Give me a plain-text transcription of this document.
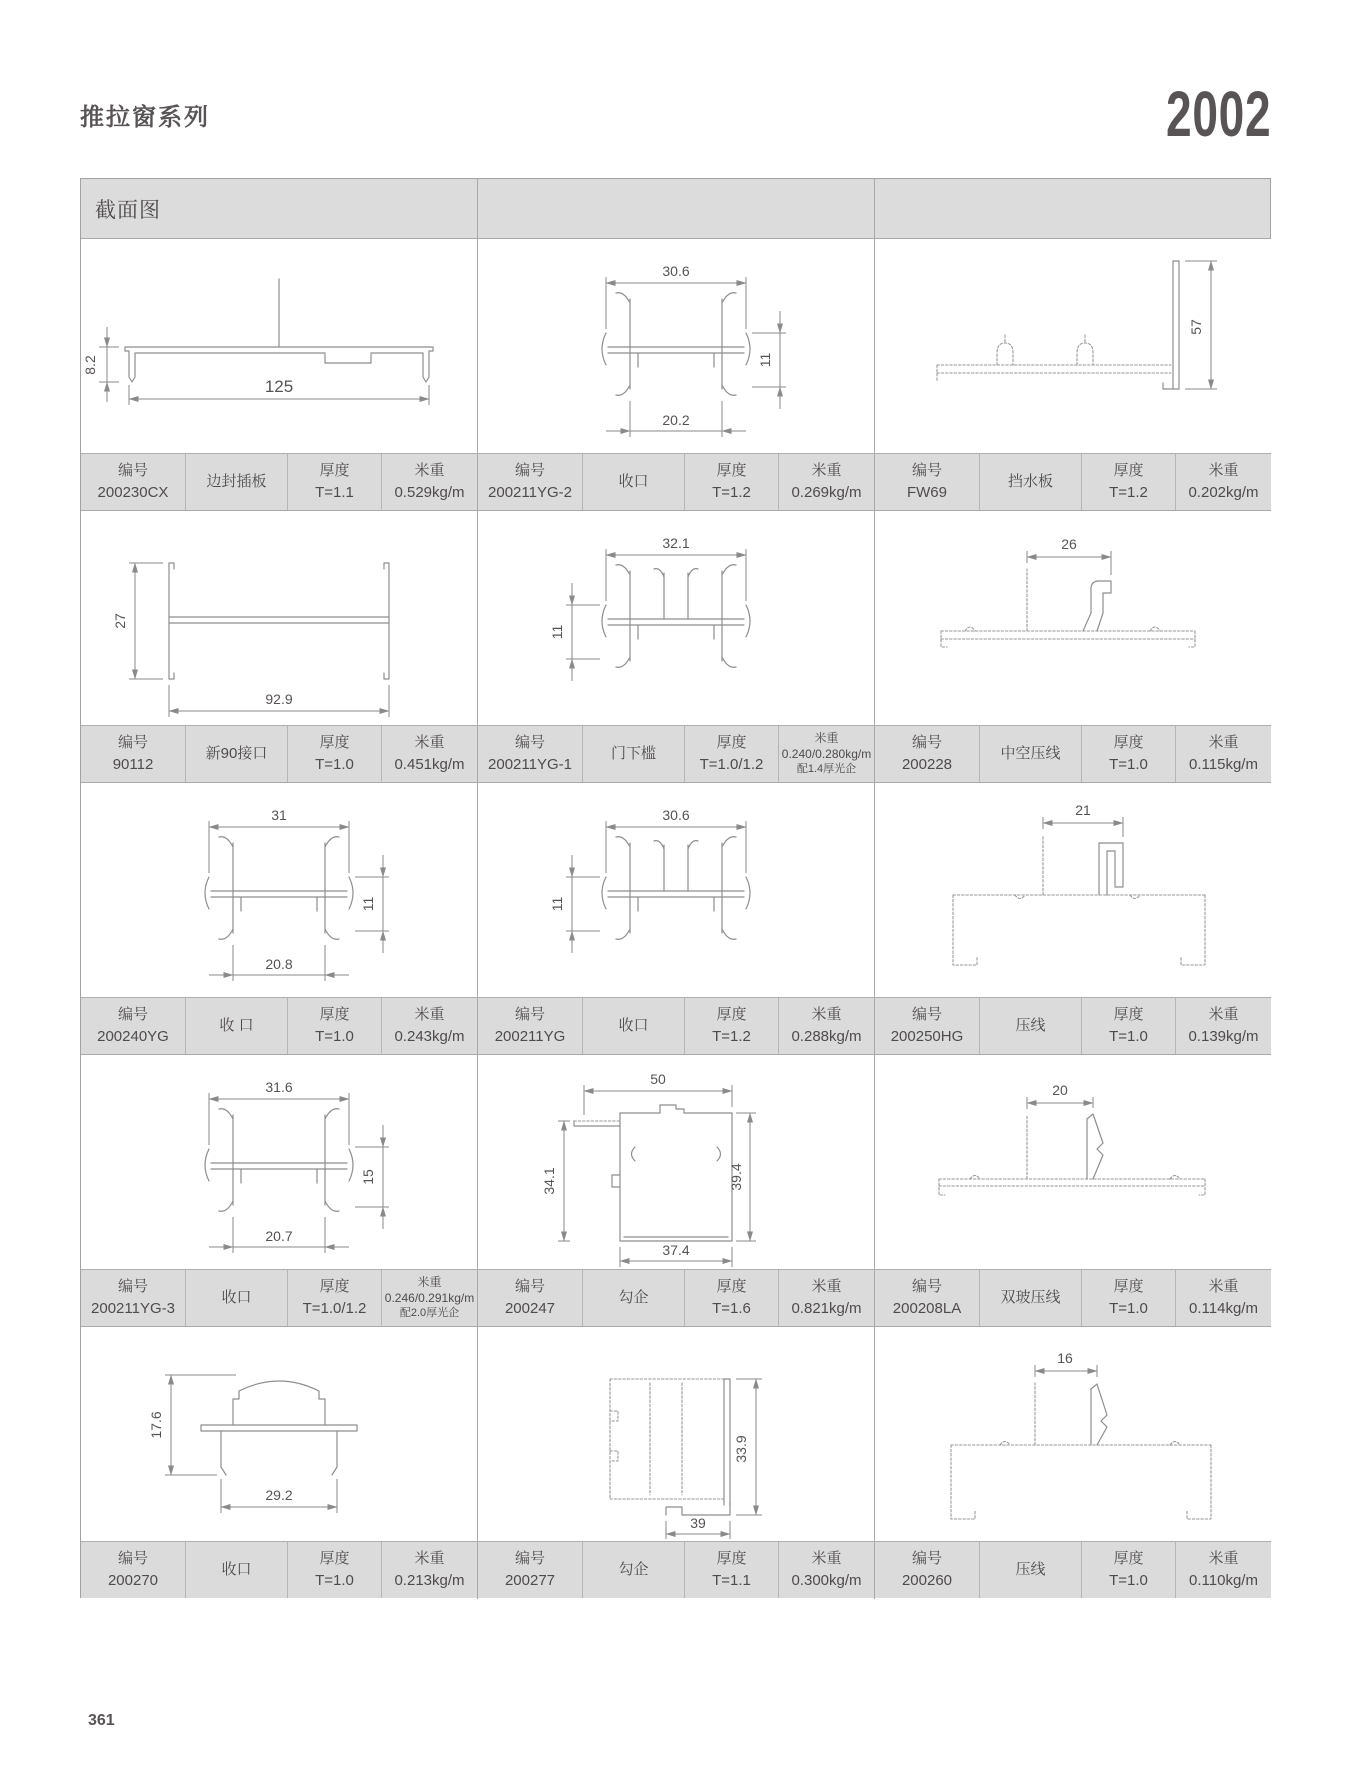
推拉窗系列	2002
截面图
8.2
125
编号
200230CX
边封插板
厚度
T=1.1
米重
0.529kg/m
30.6
11
20.2
编号
200211YG-2
收口
厚度
T=1.2
米重
0.269kg/m
57
编号
FW69
挡水板
厚度
T=1.2
米重
0.202kg/m
27
92.9
编号
90112
新90接口
厚度
T=1.0
米重
0.451kg/m
32.1
11
编号
200211YG-1
门下槛
厚度
T=1.0/1.2
米重
0.240/0.280kg/m
配1.4厚光企
26
编号
200228
中空压线
厚度
T=1.0
米重
0.115kg/m
31
11
20.8
编号
200240YG
收 口
厚度
T=1.0
米重
0.243kg/m
30.6
11
编号
200211YG
收口
厚度
T=1.2
米重
0.288kg/m
21
编号
200250HG
压线
厚度
T=1.0
米重
0.139kg/m
31.6
15
20.7
编号
200211YG-3
收口
厚度
T=1.0/1.2
米重
0.246/0.291kg/m
配2.0厚光企
50
34.1	39.4
37.4
编号
200247
勾企
厚度
T=1.6
米重
0.821kg/m
20
编号
200208LA
双玻压线
厚度
T=1.0
米重
0.114kg/m
17.6
29.2
编号
200270
收口
厚度
T=1.0
米重
0.213kg/m
33.9
39
编号
200277
勾企
厚度
T=1.1
米重
0.300kg/m
16
编号
200260
压线
厚度
T=1.0
米重
0.110kg/m
361
